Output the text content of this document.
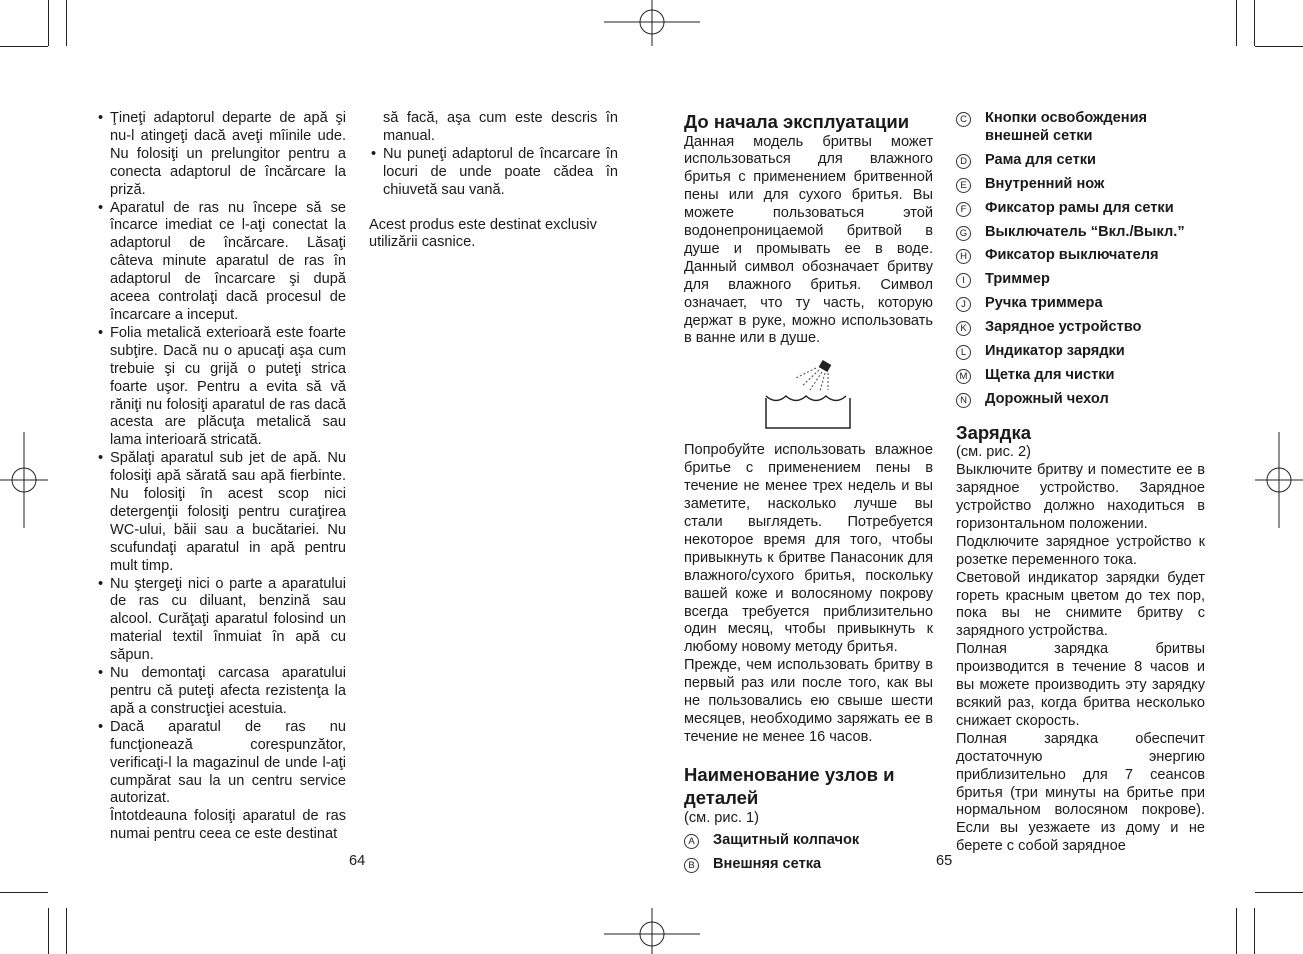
• Ţineţi adaptorul departe de apă şi nu-l atingeţi dacă aveţi mîinile ude. Nu folosiţi un prelungitor pentru a conecta adaptorul de încărcare la priză.
• Aparatul de ras nu începe să se încarce imediat ce l-aţi conectat la adaptorul de încărcare. Lăsaţi câteva minute aparatul de ras în adaptorul de încarcare şi după aceea controlaţi dacă procesul de încarcare a inceput.
• Folia metalică exterioară este foarte subţire. Dacă nu o apucaţi aşa cum trebuie şi cu grijă o puteţi strica foarte uşor. Pentru a evita să vă răniţi nu folosiţi aparatul de ras dacă acesta are plăcuţa metalică sau lama interioară stricată.
• Spălaţi aparatul sub jet de apă. Nu folosiţi apă sărată sau apă fierbinte. Nu folosiţi în acest scop nici detergenţii folosiţi pentru curaţirea WC-ului, băii sau a bucătariei. Nu scufundaţi aparatul in apă pentru mult timp.
• Nu ştergeţi nici o parte a aparatului de ras cu diluant, benzină sau alcool. Curăţaţi aparatul folosind un material textil înmuiat în apă cu săpun.
• Nu demontaţi carcasa aparatului pentru că puteţi afecta rezistenţa la apă a construcţiei acestuia.
• Dacă aparatul de ras nu funcţionează corespunzător, verificaţi-l la magazinul de unde l-aţi cumpărat sau la un centru service autorizat.

Întotdeauna folosiţi aparatul de ras numai pentru ceea ce este destinat

să facă, aşa cum este descris în manual.

• Nu puneţi adaptorul de încarcare în locuri de unde poate cădea în chiuvetă sau vană.

Acest produs este destinat exclusiv utilizării casnice.

64
До начала эксплуатации

Данная модель бритвы может использоваться для влажного бритья с применением бритвенной пены или для сухого бритья. Вы можете пользоваться этой водонепроницаемой бритвой в душе и промывать ее в воде. Данный символ обозначает бритву для влажного бритья. Символ означает, что ту часть, которую держат в руке, можно использовать в ванне или в душе.

Попробуйте использовать влажное бритье с применением пены в течение не менее трех недель и вы заметите, насколько лучше вы стали выглядеть. Потребуется некоторое время для того, чтобы привыкнуть к бритве Панасоник для влажного/сухого бритья, поскольку вашей коже и волосяному покрову всегда требуется приблизительно один месяц, чтобы привыкнуть к любому новому методу бритья.

Прежде, чем использовать бритву в первый раз или после того, как вы не пользовались ею свыше шести месяцев, необходимо заряжать ее в течение не менее 16 часов.

Наименование узлов и деталей

(см. рис. 1)

A Защитный колпачок
B Внешняя сетка	65
C Кнопки освобождения внешней сетки
D Рама для сетки
E Внутренний нож
F	Фиксатор рамы для сетки
G Выключатель “Вкл./Выкл.”
H Фиксатор выключателя
I	Триммер
J	Ручка триммера
K Зарядное устройство
L	Индикатор зарядки
M Щетка для чистки
N Дорожный чехол
Зарядка

(см. рис. 2)

Выключите бритву и поместите ее в зарядное устройство. Зарядное устройство должно находиться в горизонтальном положении.

Подключите зарядное устройство к розетке переменного тока.

Световой индикатор зарядки будет гореть красным цветом до тех пор, пока вы не снимите бритву с зарядного устройства.

Полная зарядка бритвы производится в течение 8 часов и вы можете производить эту зарядку всякий раз, когда бритва несколько снижает скорость.

Полная зарядка обеспечит достаточную энергию приблизительно для 7 сеансов бритья (три минуты на бритье при нормальном волосяном покрове). Если вы уезжаете из дому и не берете с собой зарядное
